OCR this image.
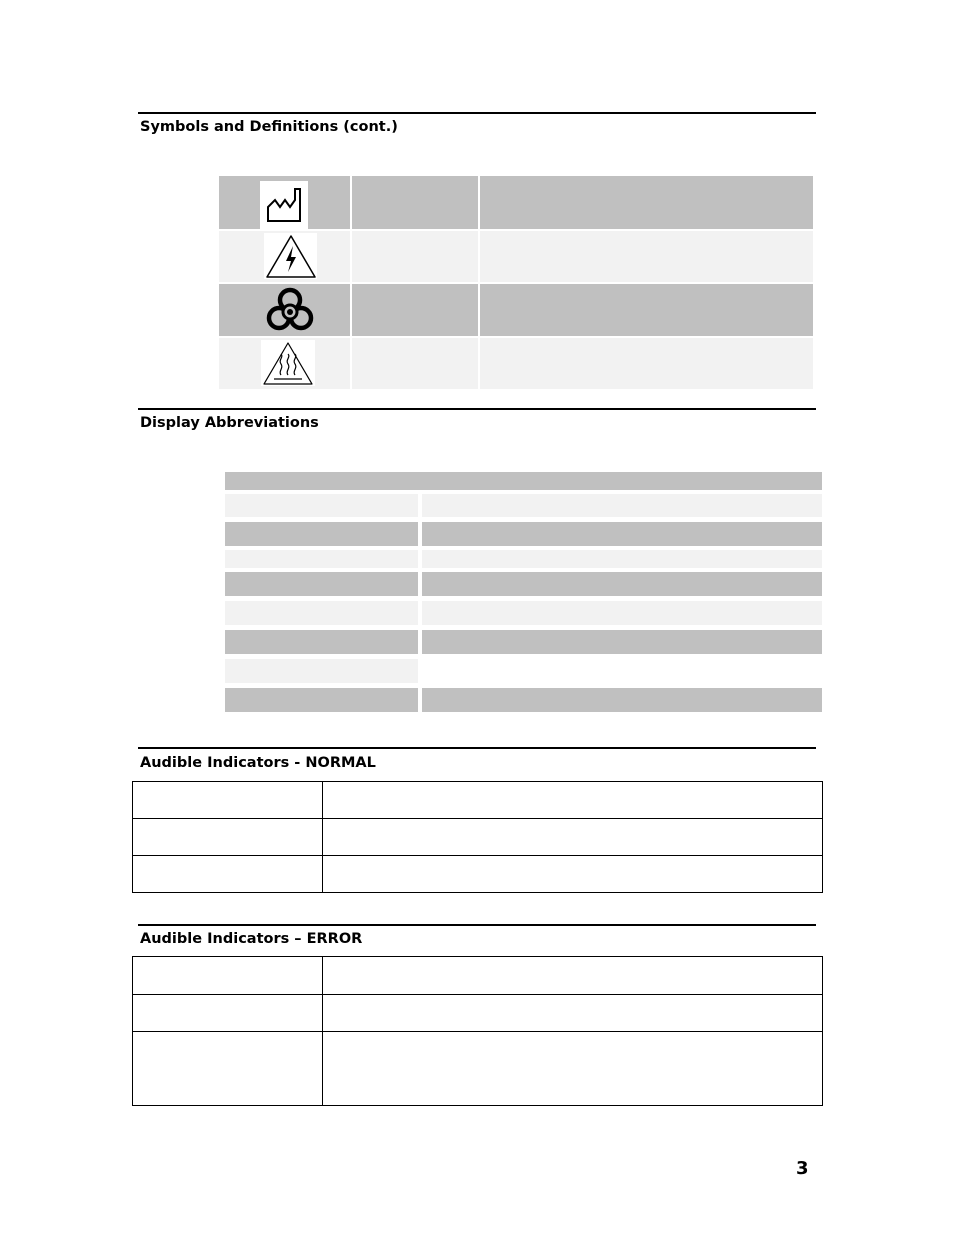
Symbols and Definitions (cont.)
Display Abbreviations
Audible Indicators - NORMAL

Audible Indicators – ERROR

3
